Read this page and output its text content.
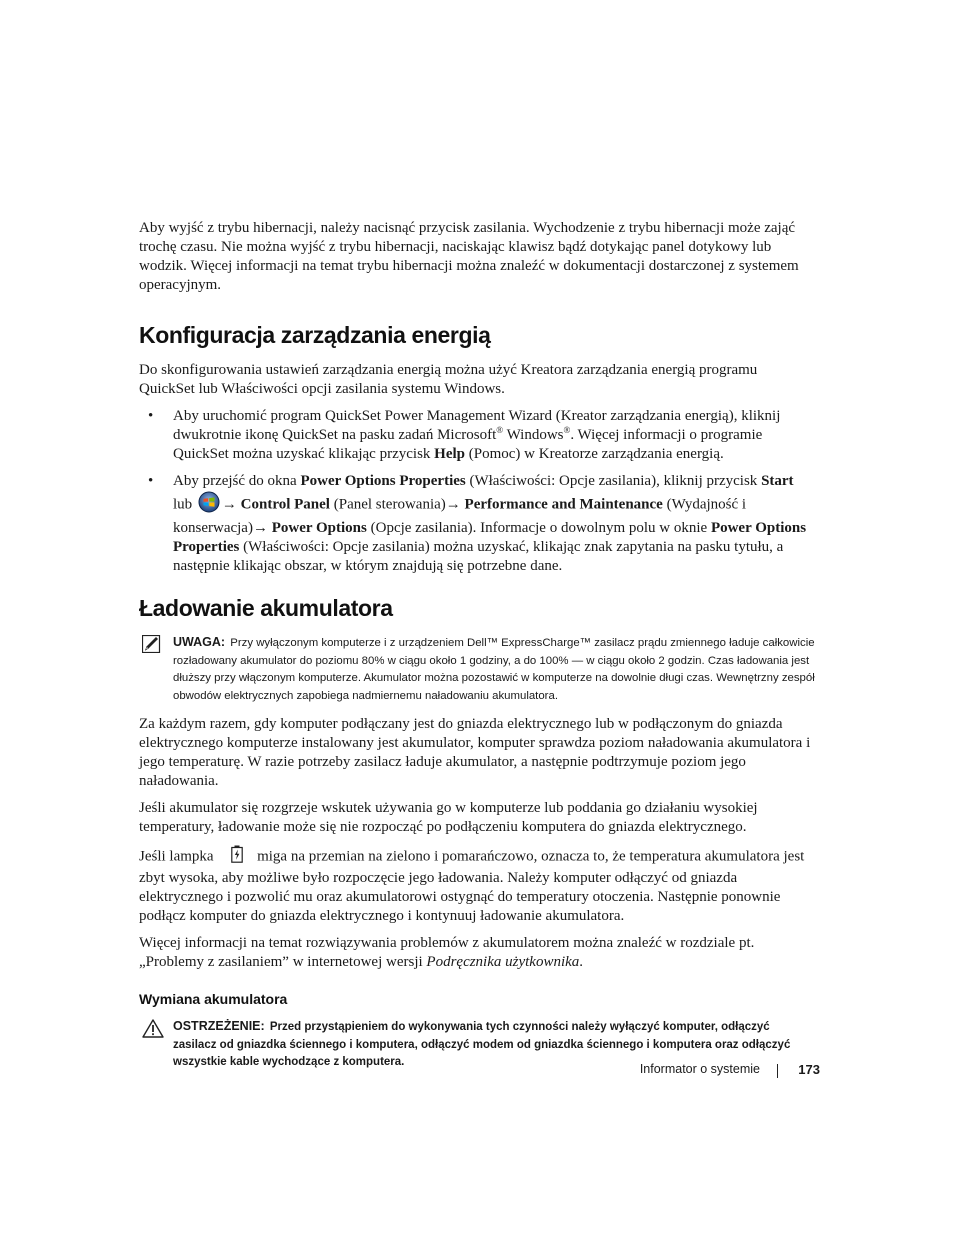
Aby wyjść z trybu hibernacji, należy nacisnąć przycisk zasilania. Wychodzenie z trybu hibernacji może zająć trochę czasu. Nie można wyjść z trybu hibernacji, naciskając klawisz bądź dotykając panel dotykowy lub wodzik. Więcej informacji na temat trybu hibernacji można znaleźć w dokumentacji dostarczonej z systemem operacyjnym.

Konfiguracja zarządzania energią

Do skonfigurowania ustawień zarządzania energią można użyć Kreatora zarządzania energią programu QuickSet lub Właściwości opcji zasilania systemu Windows.

• Aby uruchomić program QuickSet Power Management Wizard (Kreator zarządzania energią), kliknij dwukrotnie ikonę QuickSet na pasku zadań Microsoft® Windows®. Więcej informacji o programie QuickSet można uzyskać klikając przycisk Help (Pomoc) w Kreatorze zarządzania energią.
• Aby przejść do okna Power Options Properties (Właściwości: Opcje zasilania), kliknij przycisk Start lub → Control Panel (Panel sterowania)→ Performance and Maintenance (Wydajność i konserwacja)→ Power Options (Opcje zasilania). Informacje o dowolnym polu w oknie Power Options Properties (Właściwości: Opcje zasilania) można uzyskać, klikając znak zapytania na pasku tytułu, a następnie klikając obszar, w którym znajdują się potrzebne dane.
Ładowanie akumulatora
UWAGA: Przy wyłączonym komputerze i z urządzeniem Dell™ ExpressCharge™ zasilacz prądu zmiennego ładuje całkowicie rozładowany akumulator do poziomu 80% w ciągu około 1 godziny, a do 100% — w ciągu około 2 godzin. Czas ładowania jest dłuższy przy włączonym komputerze. Akumulator można pozostawić w komputerze na dowolnie długi czas. Wewnętrzny zespół obwodów elektrycznych zapobiega nadmiernemu naładowaniu akumulatora.

Za każdym razem, gdy komputer podłączany jest do gniazda elektrycznego lub w podłączonym do gniazda elektrycznego komputerze instalowany jest akumulator, komputer sprawdza poziom naładowania akumulatora i jego temperaturę. W razie potrzeby zasilacz ładuje akumulator, a następnie podtrzymuje poziom jego naładowania.

Jeśli akumulator się rozgrzeje wskutek używania go w komputerze lub poddania go działaniu wysokiej temperatury, ładowanie może się nie rozpocząć po podłączeniu komputera do gniazda elektrycznego.

Jeśli lampka  miga na przemian na zielono i pomarańczowo, oznacza to, że temperatura akumulatora jest zbyt wysoka, aby możliwe było rozpoczęcie jego ładowania. Należy komputer odłączyć od gniazda elektrycznego i pozwolić mu oraz akumulatorowi ostygnąć do temperatury otoczenia. Następnie ponownie podłącz komputer do gniazda elektrycznego i kontynuuj ładowanie akumulatora.

Więcej informacji na temat rozwiązywania problemów z akumulatorem można znaleźć w rozdziale pt. „Problemy z zasilaniem” w internetowej wersji Podręcznika użytkownika.

Wymiana akumulatora
OSTRZEŻENIE: Przed przystąpieniem do wykonywania tych czynności należy wyłączyć komputer, odłączyć zasilacz od gniazdka ściennego i komputera, odłączyć modem od gniazdka ściennego i komputera oraz odłączyć wszystkie kable wychodzące z komputera.	Informator o systemie	173
